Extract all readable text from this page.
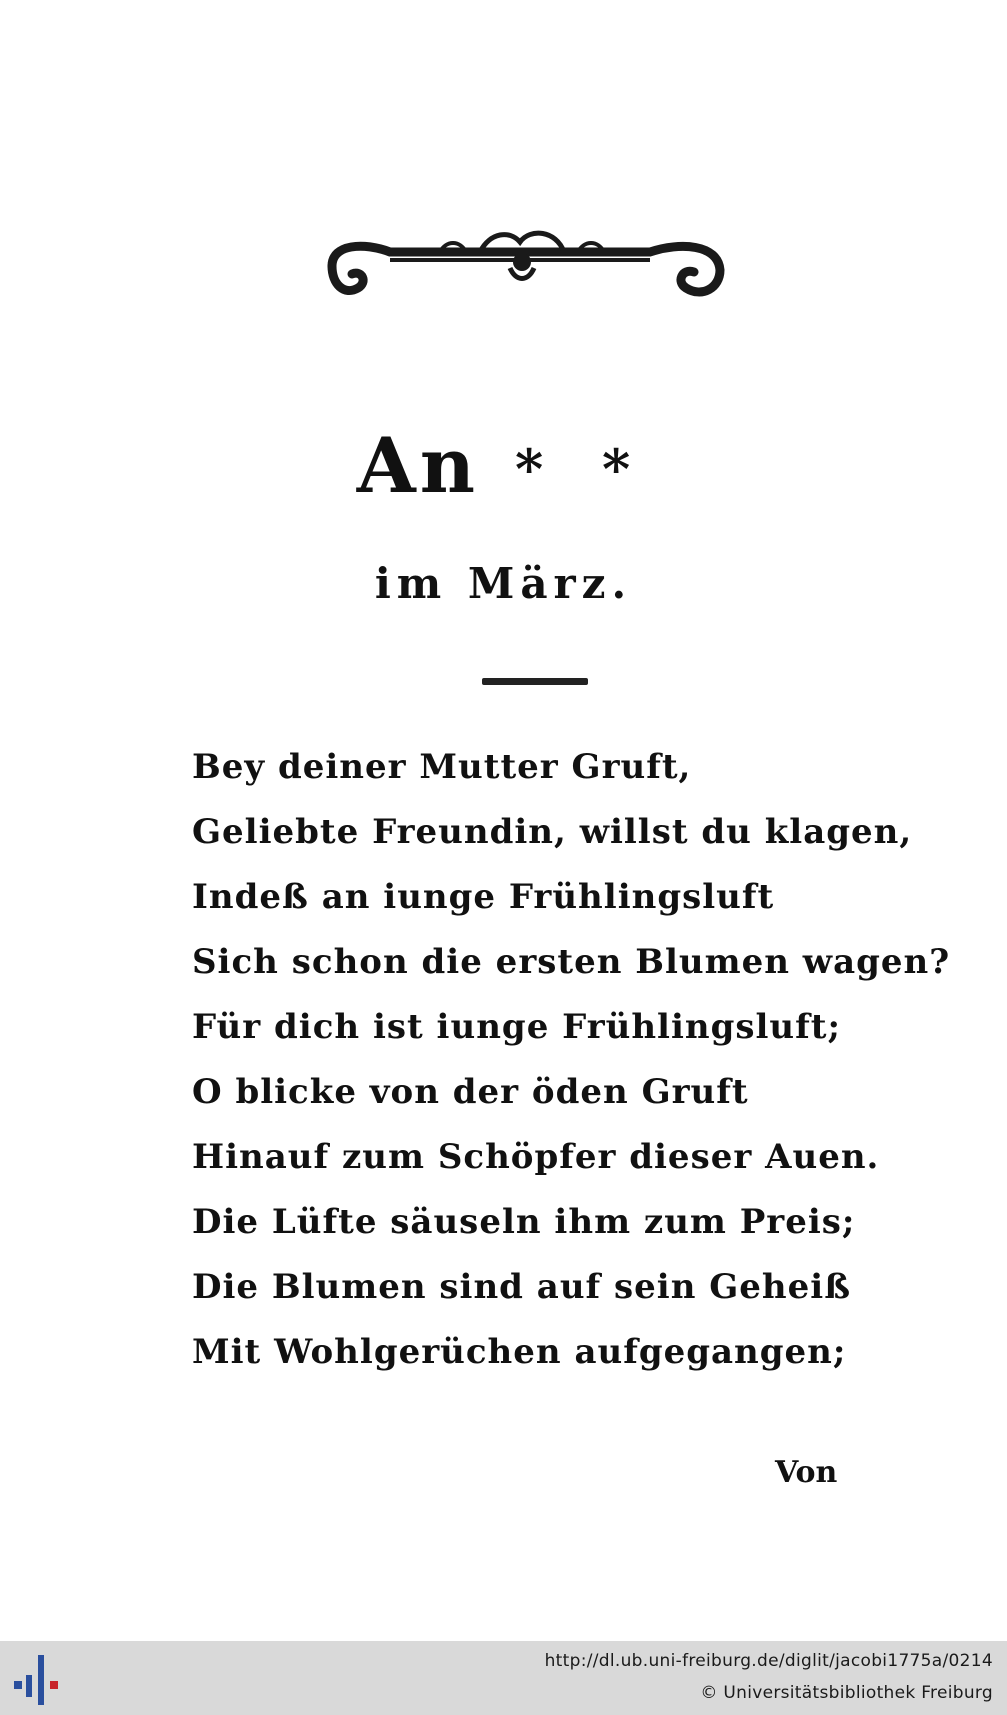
An * *
im März.
Bey deiner Mutter Gruft,
Geliebte Freundin, willst du klagen,
Indeß an iunge Frühlingsluft
Sich schon die ersten Blumen wagen?
Für dich ist iunge Frühlingsluft;
O blicke von der öden Gruft
Hinauf zum Schöpfer dieser Auen.
Die Lüfte säuseln ihm zum Preis;
Die Blumen sind auf sein Geheiß
Mit Wohlgerüchen aufgegangen;
Von
http://dl.ub.uni-freiburg.de/diglit/jacobi1775a/0214
© Universitätsbibliothek Freiburg
